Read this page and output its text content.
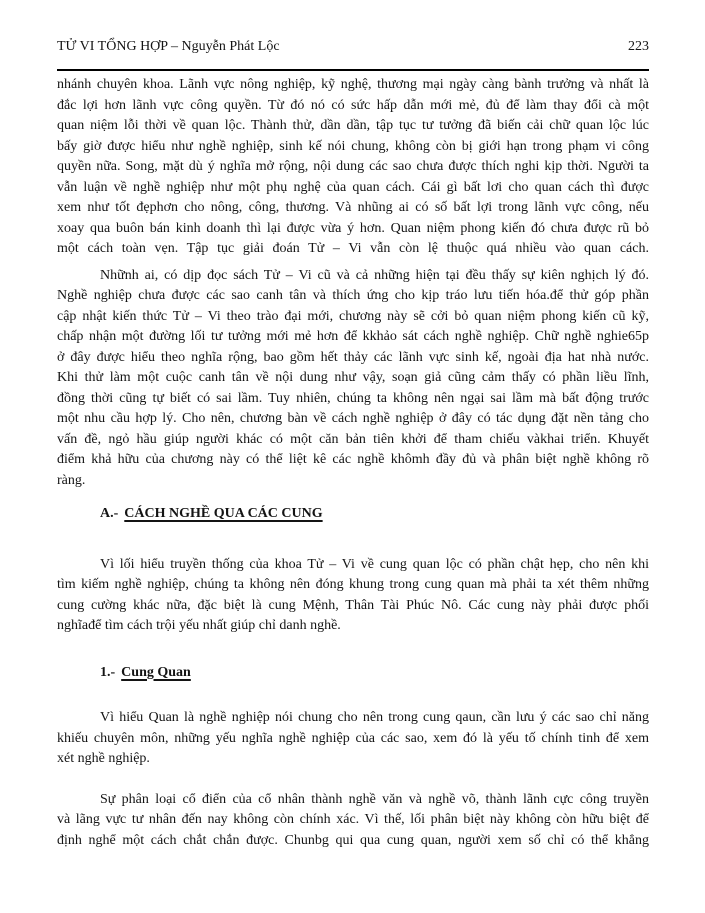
TỬ VI TỔNG HỢP – Nguyễn Phát Lộc	223
nhánh chuyên khoa. Lãnh vực nông nghiệp, kỹ nghệ, thương mại ngày càng bành trưởng và nhất là
đắc lợi hơn lãnh vực công quyền. Từ đó nó có sức hấp dẫn mới mẻ, đủ để làm thay đổi cà một
quan niệm lỗi thời về quan lộc. Thành thử, dần dần, tập tục tư tưởng đã biến cải chữ quan lộc lúc
bấy giờ được hiểu như nghề nghiệp, sinh kế nói chung, không còn bị giới hạn trong phạm vi công
quyền nữa. Song, mặt dù ý nghĩa mở rộng, nội dung các sao chưa được thích nghi kịp thời. Người ta
vẫn luận về nghề nghiệp như một phụ nghệ của quan cách. Cái gì bất lơi cho quan cách thì được
xem như tốt đẹphơn cho nông, công, thương. Và nhũng ai có số bất lợi trong lãnh vực công, nếu
xoay qua buôn bán kinh doanh thì lại được vừa ý hơn. Quan niệm phong kiến đó chưa được rũ bỏ
một cách toàn vẹn. Tập tục giải đoán Tử – Vi vẫn còn lệ thuộc quá nhiều vào quan cách.
Nhữnh ai, có dịp đọc sách Tử – Vi cũ và cả những hiện tại đều thấy sự kiên nghịch lý đó.
Nghề nghiệp chưa được các sao canh tân và thích ứng cho kịp tráo lưu tiến hóa.để thử góp phần
cập nhật kiến thức Tử – Vi theo trào đại mới, chương này sẽ cởi bỏ quan niệm phong kiến cũ kỹ,
chấp nhận một đường lối tư tưởng mới mẻ hơn để kkhảo sát cách nghề nghiệp. Chữ nghề nghie65p
ở đây được hiểu theo nghĩa rộng, bao gồm hết thảy các lãnh vực sinh kế, ngoài địa hat nhà nước.
Khi thử làm một cuộc canh tân về nội dung như vậy, soạn giả cũng cảm thấy có phần liều lĩnh,
đồng thời cũng tự biết có sai lầm. Tuy nhiên, chúng ta không nên ngại sai lầm mà bất động trước
một nhu cầu hợp lý. Cho nên, chương bàn về cách nghề nghiệp ở đây có tác dụng đặt nền tảng cho
vấn đề, ngỏ hầu giúp người khác có một căn bản tiên khởi để tham chiếu vàkhai triển. Khuyết
điểm khả hữu của chương này có thể liệt kê các nghề khômh đầy đủ và phân biệt nghề không rõ
ràng.
A.- CÁCH NGHỀ QUA CÁC CUNG
Vì lối hiểu truyền thống của khoa Tử – Vi về cung quan lộc có phần chật hẹp, cho nên khi
tìm kiếm nghề nghiệp, chúng ta không nên đóng khung trong cung quan mà phải ta xét thêm những
cung cường khác nữa, đặc biệt là cung Mệnh, Thân Tài Phúc Nô. Các cung này phải được phối
nghĩađể tìm cách trội yếu nhất giúp chỉ danh nghề.
1.- Cung Quan
Vì hiểu Quan là nghề nghiệp nói chung cho nên trong cung qaun, cần lưu ý các sao chỉ năng
khiếu chuyên môn, những yếu nghĩa nghề nghiệp của các sao, xem đó là yếu tố chính tinh để xem
xét nghề nghiệp.
Sự phân loại cổ điển của cổ nhân thành nghề văn và nghề võ, thành lãnh cực công truyền
và lãng vực tư nhân đến nay không còn chính xác. Vì thế, lối phân biệt này không còn hữu biệt để
định nghể một cách chắt chắn được. Chunbg qui qua cung quan, người xem số chỉ có thể khẳng
